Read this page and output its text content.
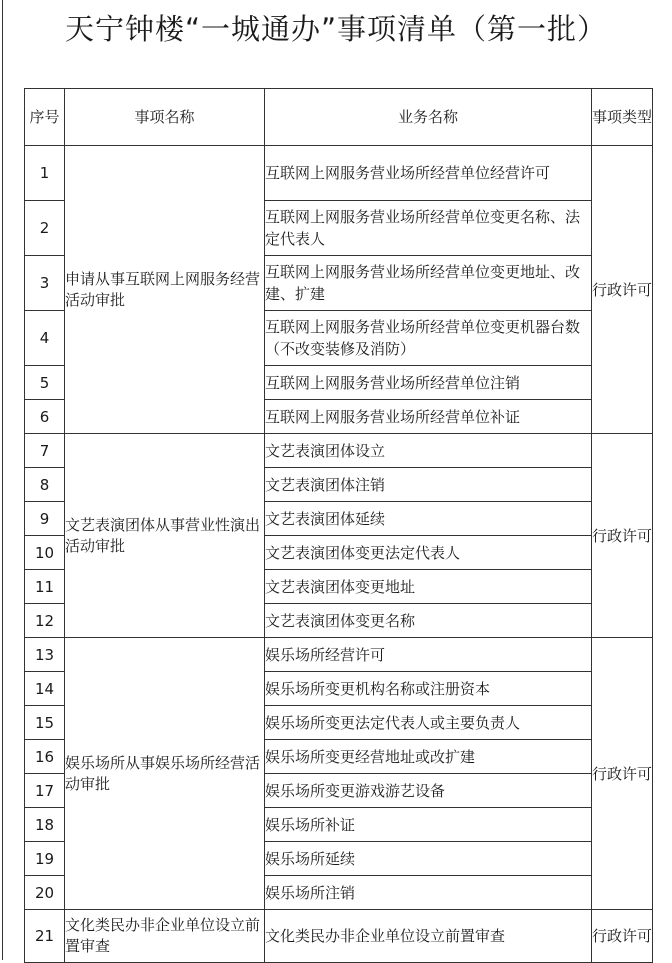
天宁钟楼“一城通办”事项清单（第一批）
序号	事项名称	业务名称	事项类型
1	申请从事互联网上网服务经营活动审批	互联网上网服务营业场所经营单位经营许可	行政许可
2		互联网上网服务营业场所经营单位变更名称、法定代表人	
3		互联网上网服务营业场所经营单位变更地址、改建、扩建	
4		互联网上网服务营业场所经营单位变更机器台数（不改变装修及消防）	
5		互联网上网服务营业场所经营单位注销	
6		互联网上网服务营业场所经营单位补证	
7	文艺表演团体从事营业性演出活动审批	文艺表演团体设立	行政许可
8		文艺表演团体注销	
9		文艺表演团体延续	
10		文艺表演团体变更法定代表人	
11		文艺表演团体变更地址	
12		文艺表演团体变更名称	
13	娱乐场所从事娱乐场所经营活动审批	娱乐场所经营许可	行政许可
14		娱乐场所变更机构名称或注册资本	
15		娱乐场所变更法定代表人或主要负责人	
16		娱乐场所变更经营地址或改扩建	
17		娱乐场所变更游戏游艺设备	
18		娱乐场所补证	
19		娱乐场所延续	
20		娱乐场所注销	
21	文化类民办非企业单位设立前置审查	文化类民办非企业单位设立前置审查	行政许可
